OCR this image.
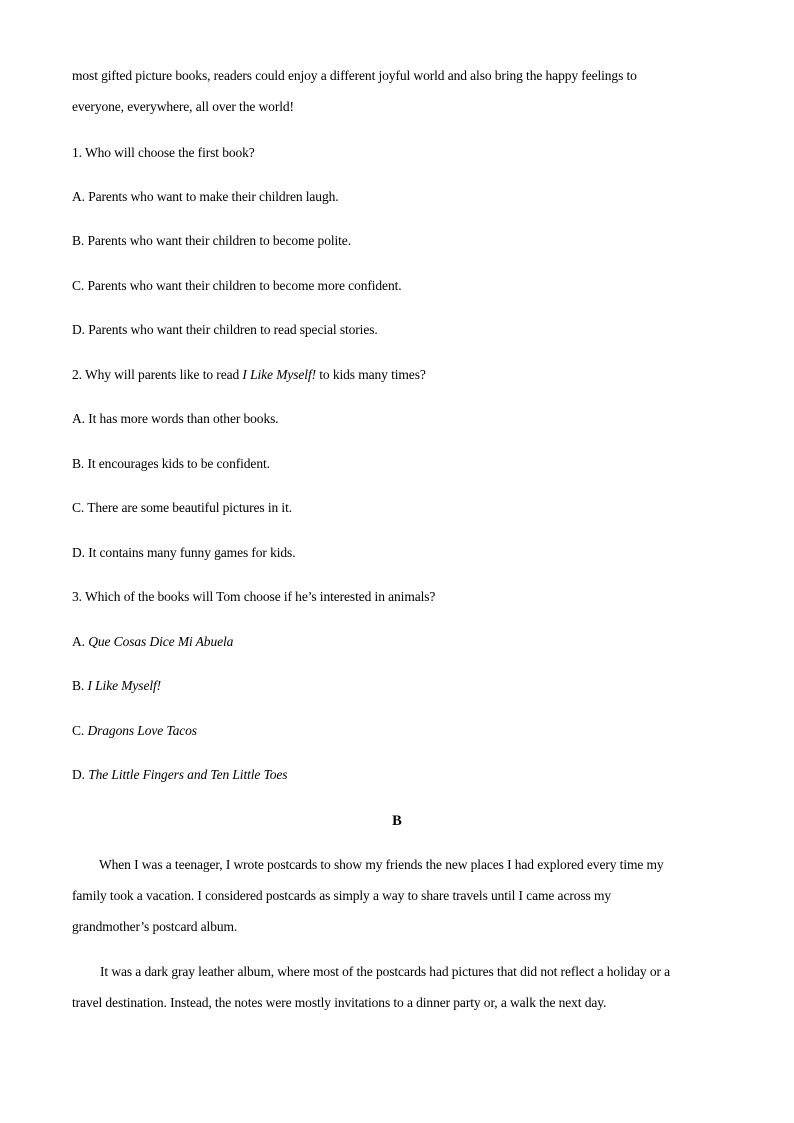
most gifted picture books, readers could enjoy a different joyful world and also bring the happy feelings to
everyone, everywhere, all over the world!
1. Who will choose the first book?
A. Parents who want to make their children laugh.
B. Parents who want their children to become polite.
C. Parents who want their children to become more confident.
D. Parents who want their children to read special stories.
2. Why will parents like to read I Like Myself! to kids many times?
A. It has more words than other books.
B. It encourages kids to be confident.
C. There are some beautiful pictures in it.
D. It contains many funny games for kids.
3. Which of the books will Tom choose if he’s interested in animals?
A. Que Cosas Dice Mi Abuela
B. I Like Myself!
C. Dragons Love Tacos
D. The Little Fingers and Ten Little Toes
B
When I was a teenager, I wrote postcards to show my friends the new places I had explored every time my
family took a vacation. I considered postcards as simply a way to share travels until I came across my
grandmother’s postcard album.
It was a dark gray leather album, where most of the postcards had pictures that did not reflect a holiday or a
travel destination. Instead, the notes were mostly invitations to a dinner party or, a walk the next day.
